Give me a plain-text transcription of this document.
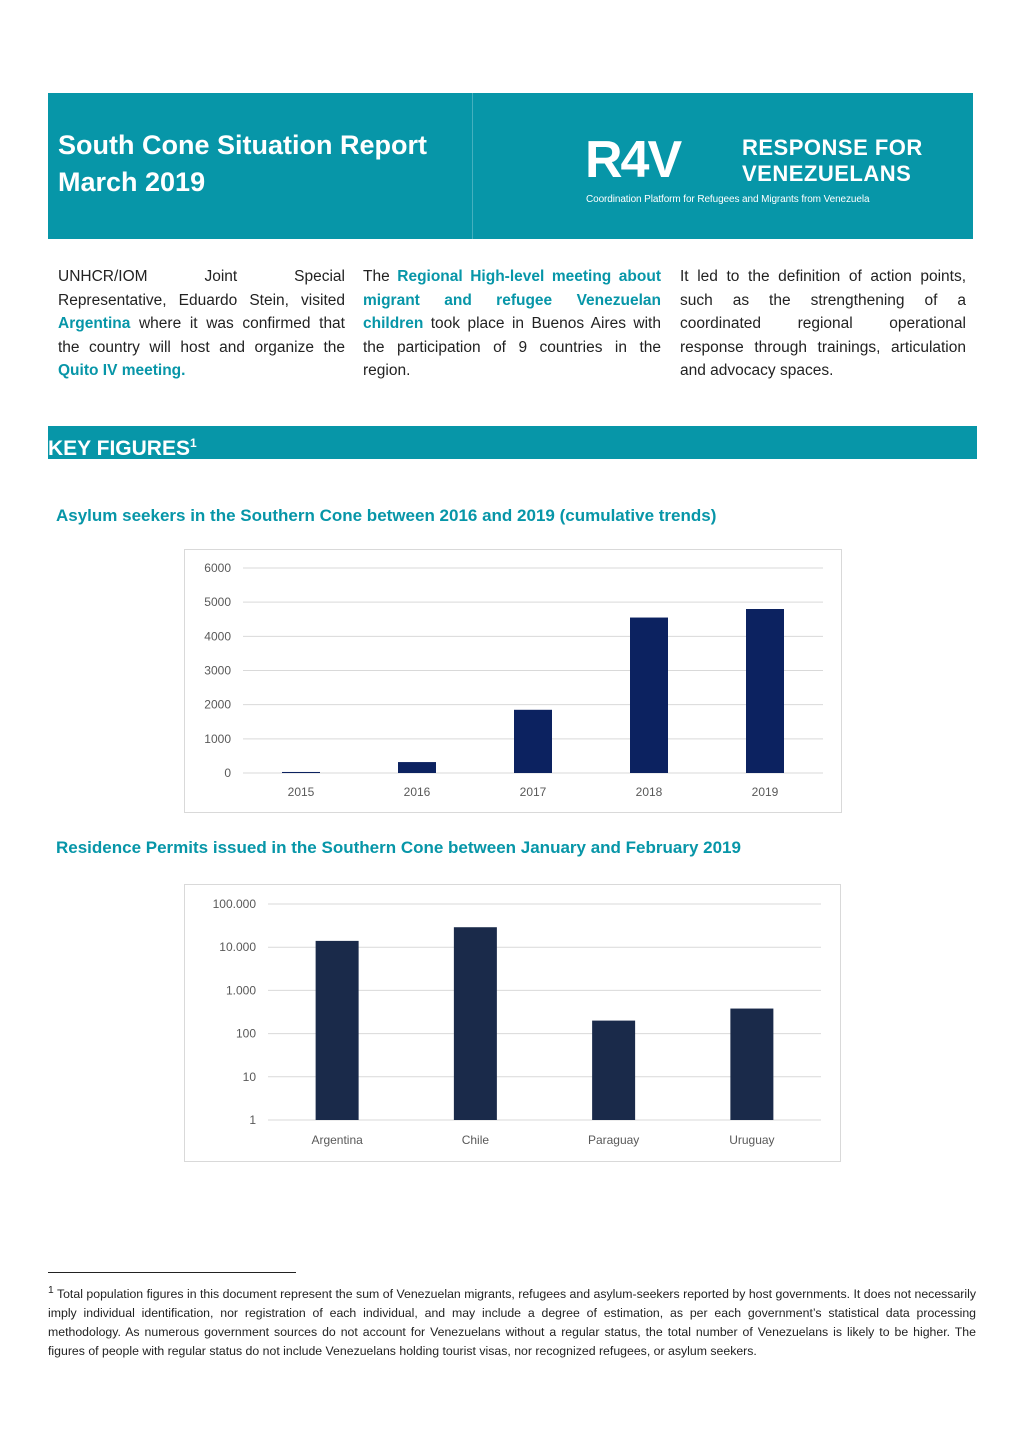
South Cone Situation Report
March 2019	R4V	RESPONSE FOR
VENEZUELANS
Coordination Platform for Refugees and Migrants from Venezuela
UNHCR/IOM Joint Special Representative, Eduardo Stein, visited Argentina where it was confirmed that the country will host and organize the Quito IV meeting.
The Regional High-level meeting about migrant and refugee Venezuelan children took place in Buenos Aires with the participation of 9 countries in the region.
It led to the definition of action points, such as the strengthening of a coordinated regional operational response through trainings, articulation and advocacy spaces.
KEY FIGURES$^1$
Asylum seekers in the Southern Cone between 2016 and 2019 (cumulative trends)
0
1000
2000
3000
4000
5000
6000
2015	2016	2017	2018	2019
Residence Permits issued in the Southern Cone between January and February 2019
1
10
100
1.000
10.000
100.000
Argentina	Chile	Paraguay	Uruguay
$^1$ Total population figures in this document represent the sum of Venezuelan migrants, refugees and asylum-seekers reported by host governments. It does not necessarily imply individual identification, nor registration of each individual, and may include a degree of estimation, as per each government’s statistical data processing methodology. As numerous government sources do not account for Venezuelans without a regular status, the total number of Venezuelans is likely to be higher. The figures of people with regular status do not include Venezuelans holding tourist visas, nor recognized refugees, or asylum seekers.
